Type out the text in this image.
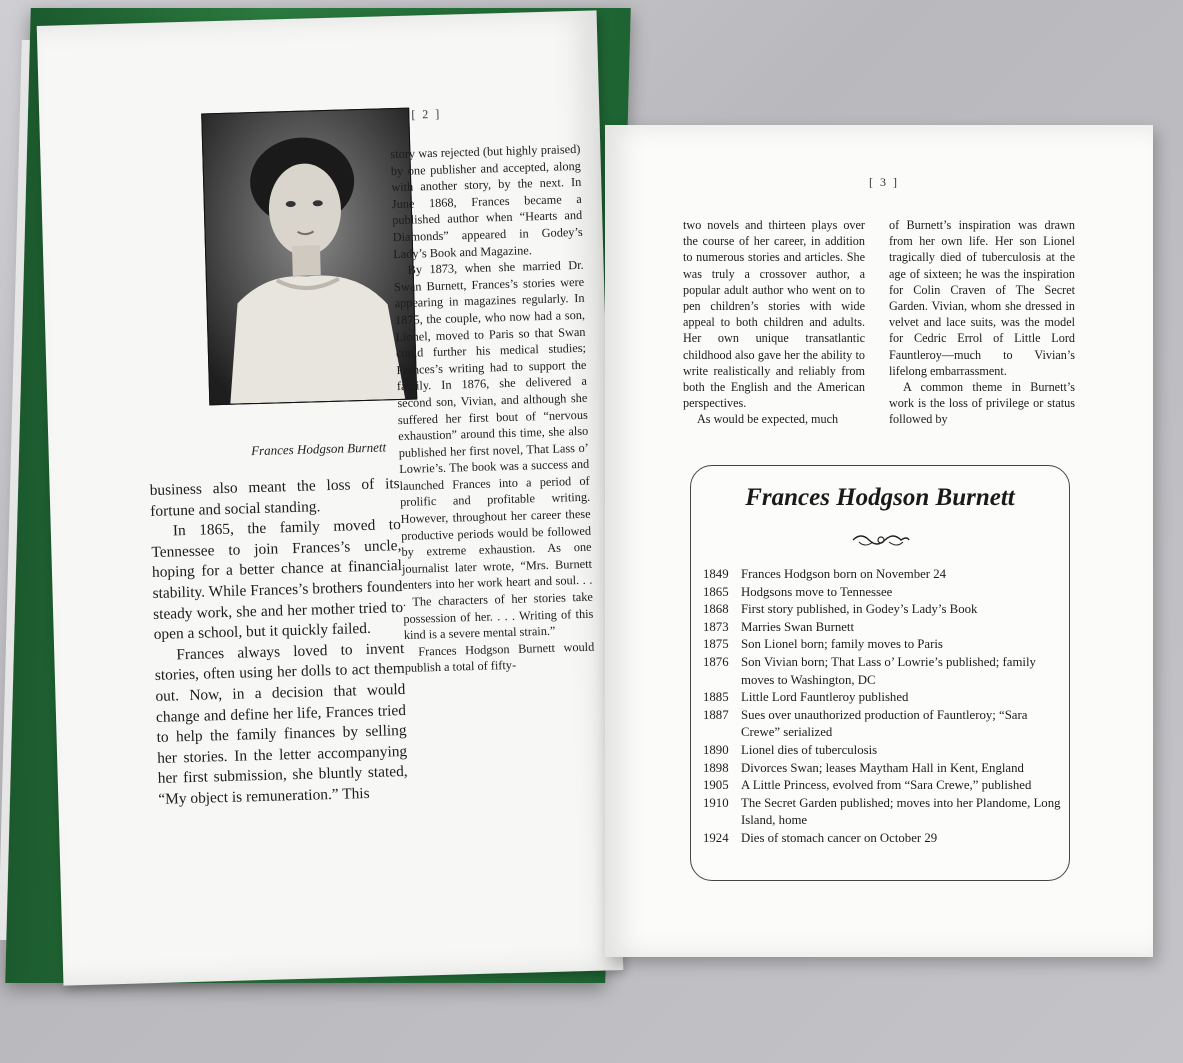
[ 2 ]
Frances Hodgson Burnett

business also meant the loss of its fortune and social standing.

In 1865, the family moved to Tennessee to join Frances’s uncle, hoping for a better chance at financial stability. While Frances’s brothers found steady work, she and her mother tried to open a school, but it quickly failed.

Frances always loved to invent stories, often using her dolls to act them out. Now, in a decision that would change and define her life, Frances tried to help the family finances by selling her stories. In the letter accompanying her first submission, she bluntly stated, “My object is remuneration.” This

story was rejected (but highly praised) by one publisher and accepted, along with another story, by the next. In June 1868, Frances became a published author when “Hearts and Diamonds” appeared in Godey’s Lady’s Book and Magazine.

By 1873, when she married Dr. Swan Burnett, Frances’s stories were appearing in magazines regularly. In 1875, the couple, who now had a son, Lionel, moved to Paris so that Swan could further his medical studies; Frances’s writing had to support the family. In 1876, she delivered a second son, Vivian, and although she suffered her first bout of “nervous exhaustion” around this time, she also published her first novel, That Lass o’ Lowrie’s. The book was a success and launched Frances into a period of prolific and profitable writing. However, throughout her career these productive periods would be followed by extreme exhaustion. As one journalist later wrote, “Mrs. Burnett enters into her work heart and soul. . . . The characters of her stories take possession of her. . . . Writing of this kind is a severe mental strain.”

Frances Hodgson Burnett would publish a total of fifty-

[ 3 ]

two novels and thirteen plays over the course of her career, in addition to numerous stories and articles. She was truly a crossover author, a popular adult author who went on to pen children’s stories with wide appeal to both children and adults. Her own unique transatlantic childhood also gave her the ability to write realistically and reliably from both the English and the American perspectives.

As would be expected, much

of Burnett’s inspiration was drawn from her own life. Her son Lionel tragically died of tuberculosis at the age of sixteen; he was the inspiration for Colin Craven of The Secret Garden. Vivian, whom she dressed in velvet and lace suits, was the model for Cedric Errol of Little Lord Fauntleroy—much to Vivian’s lifelong embarrassment.

A common theme in Burnett’s work is the loss of privilege or status followed by

Frances Hodgson Burnett
1849 Frances Hodgson born on November 24
1865 Hodgsons move to Tennessee
1868 First story published, in Godey’s Lady’s Book
1873 Marries Swan Burnett
1875 Son Lionel born; family moves to Paris
1876 Son Vivian born; That Lass o’ Lowrie’s published; family moves to Washington, DC
1885 Little Lord Fauntleroy published
1887 Sues over unauthorized production of Fauntleroy; “Sara Crewe” serialized
1890 Lionel dies of tuberculosis
1898 Divorces Swan; leases Maytham Hall in Kent, England
1905 A Little Princess, evolved from “Sara Crewe,” published
1910 The Secret Garden published; moves into her Plandome, Long Island, home
1924 Dies of stomach cancer on October 29
